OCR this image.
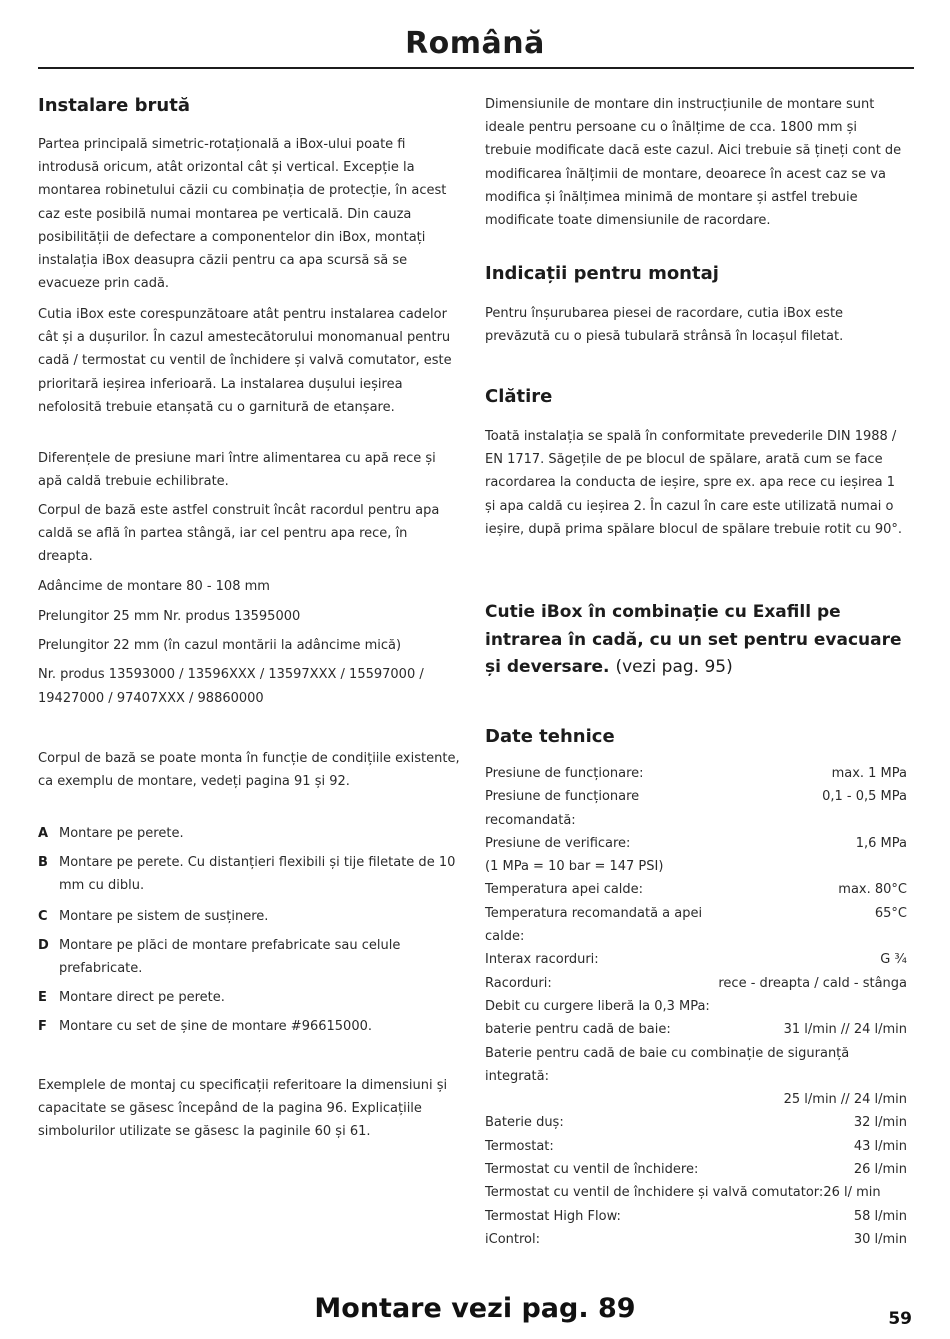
Română
Instalare brută

Partea principală simetric-rotațională a iBox-ului poate fi introdusă oricum, atât orizontal cât și vertical. Excepție la montarea robinetului căzii cu combinația de protecție, în acest caz este posibilă numai montarea pe verticală. Din cauza posibilității de defectare a componentelor din iBox, montați instalația iBox deasupra căzii pentru ca apa scursă să se evacueze prin cadă.

Cutia iBox este corespunzătoare atât pentru instalarea cadelor cât și a dușurilor. În cazul amestecătorului monomanual pentru cadă / termostat cu ventil de închidere și valvă comutator, este prioritară ieșirea inferioară. La instalarea dușului ieșirea nefolosită trebuie etanșată cu o garnitură de etanșare.

Diferențele de presiune mari între alimentarea cu apă rece și apă caldă trebuie echilibrate.

Corpul de bază este astfel construit încât racordul pentru apa caldă se află în partea stângă, iar cel pentru apa rece, în dreapta.

Adâncime de montare 80 - 108 mm

Prelungitor 25 mm Nr. produs 13595000

Prelungitor 22 mm (în cazul montării la adâncime mică)

Nr. produs 13593000 / 13596XXX / 13597XXX / 15597000 / 19427000 / 97407XXX / 98860000

Corpul de bază se poate monta în funcție de condițiile existente, ca exemplu de montare, vedeți pagina 91 și 92.

A Montare pe perete.
B Montare pe perete. Cu distanțieri flexibili și tije filetate de 10 mm cu diblu.
C Montare pe sistem de susținere.
D Montare pe plăci de montare prefabricate sau celule prefabricate.
E Montare direct pe perete.
F Montare cu set de șine de montare #96615000.

Exemplele de montaj cu specificații referitoare la dimensiuni și capacitate se găsesc începând de la pagina 96. Explicațiile simbolurilor utilizate se găsesc la paginile 60 și 61.

Dimensiunile de montare din instrucțiunile de montare sunt ideale pentru persoane cu o înălțime de cca. 1800 mm și trebuie modificate dacă este cazul. Aici trebuie să țineți cont de modificarea înălțimii de montare, deoarece în acest caz se va modifica și înălțimea minimă de montare și astfel trebuie modificate toate dimensiunile de racordare.

Indicații pentru montaj

Pentru înșurubarea piesei de racordare, cutia iBox este prevăzută cu o piesă tubulară strânsă în locașul filetat.

Clătire

Toată instalația se spală în conformitate prevederile DIN 1988 / EN 1717. Săgețile de pe blocul de spălare, arată cum se face racordarea la conducta de ieșire, spre ex. apa rece cu ieșirea 1 și apa caldă cu ieșirea 2. În cazul în care este utilizată numai o ieșire, după prima spălare blocul de spălare trebuie rotit cu 90°.

Cutie iBox în combinație cu Exafill pe intrarea în cadă, cu un set pentru evacuare și deversare. (vezi pag. 95)

Date tehnice
Presiune de funcționare:	max. 1 MPa
Presiune de funcționare recomandată:	0,1 - 0,5 MPa
Presiune de verificare:	1,6 MPa
(1 MPa = 10 bar = 147 PSI)	
Temperatura apei calde:	max. 80°C
Temperatura recomandată a apei calde:	65°C
Interax racorduri:	G ¾
Racorduri:	rece - dreapta / cald - stânga
Debit cu curgere liberă la 0,3 MPa:	
baterie pentru cadă de baie:	31 l/min // 24 l/min
Baterie pentru cadă de baie cu combinație de siguranță integrată:	
25 l/min // 24 l/min	
Baterie duș:	32 l/min
Termostat:	43 l/min
Termostat cu ventil de închidere:	26 l/min
Termostat cu ventil de închidere și valvă comutator:26 l/ min	
Termostat High Flow:	58 l/min
iControl:	30 l/min
Montare vezi pag. 89	59
